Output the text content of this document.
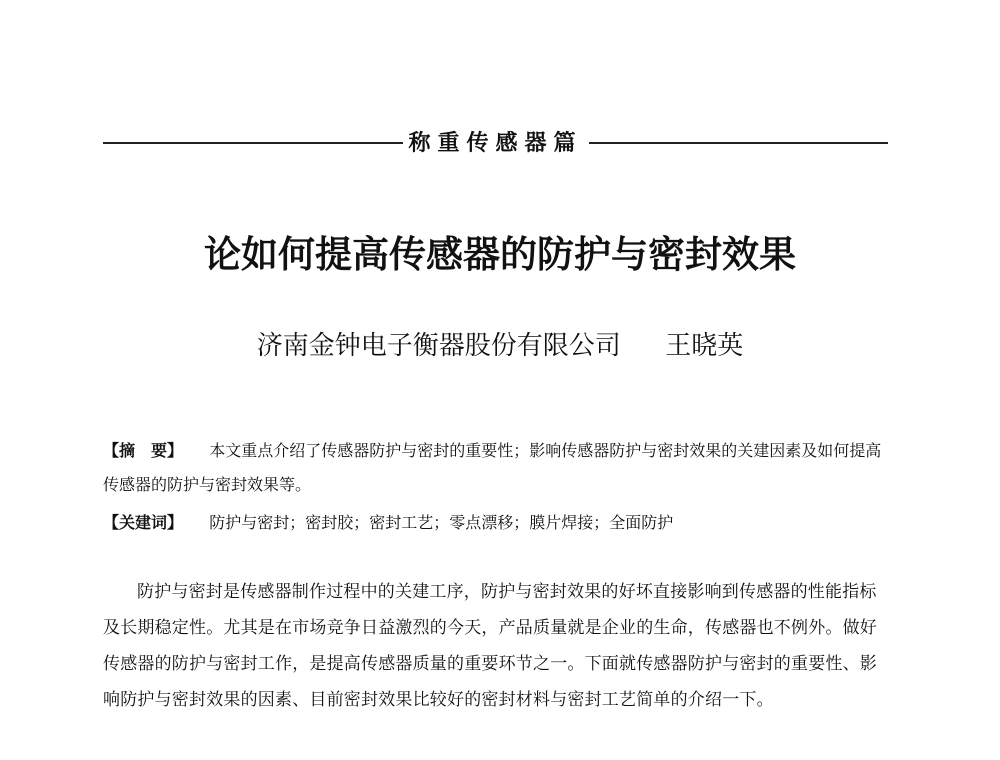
称重传感器篇
论如何提高传感器的防护与密封效果
济南金钟电子衡器股份有限公司 王晓英
【摘　要】 本文重点介绍了传感器防护与密封的重要性；影响传感器防护与密封效果的关建因素及如何提高传感器的防护与密封效果等。
【关建词】 防护与密封；密封胶；密封工艺；零点漂移；膜片焊接；全面防护
防护与密封是传感器制作过程中的关建工序，防护与密封效果的好坏直接影响到传感器的性能指标及长期稳定性。尤其是在市场竞争日益激烈的今天，产品质量就是企业的生命，传感器也不例外。做好传感器的防护与密封工作，是提高传感器质量的重要环节之一。下面就传感器防护与密封的重要性、影响防护与密封效果的因素、目前密封效果比较好的密封材料与密封工艺简单的介绍一下。
